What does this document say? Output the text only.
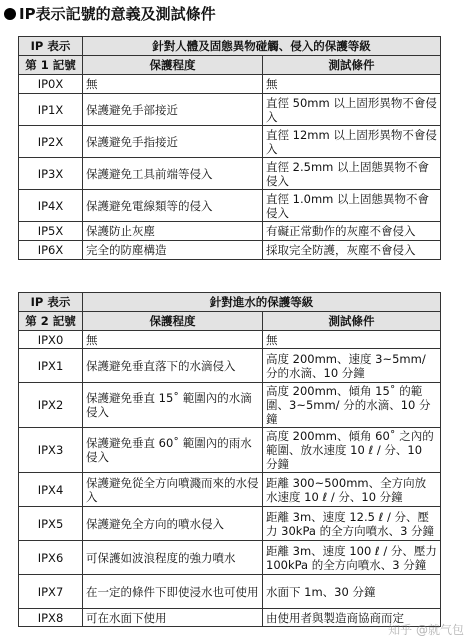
IP表示記號的意義及測試條件
IP 表示	針對人體及固態異物碰觸、侵入的保護等級	
第 1 記號	保護程度	測試條件
IP0X	無	無
IP1X	保護避免手部接近	直徑 50mm 以上固形異物不會侵入
IP2X	保護避免手指接近	直徑 12mm 以上固形異物不會侵入
IP3X	保護避免工具前端等侵入	直徑 2.5mm 以上固態異物不會侵入
IP4X	保護避免電線類等的侵入	直徑 1.0mm 以上固態異物不會侵入
IP5X	保護防止灰塵	有礙正常動作的灰塵不會侵入
IP6X	完全的防塵構造	採取完全防護，灰塵不會侵入
IP 表示	針對進水的保護等級	
第 2 記號	保護程度	測試條件
IPX0	無	無
IPX1	保護避免垂直落下的水滴侵入	高度 200mm、速度 3~5mm/ 分的水滴、10 分鐘
IPX2	保護避免垂直 15˚ 範圍內的水滴侵入	高度 200mm、傾角 15˚ 的範圍、3~5mm/ 分的水滴、10 分鐘
IPX3	保護避免垂直 60˚ 範圍內的雨水侵入	高度 200mm、傾角 60˚ 之內的範圍、放水速度 10 ℓ / 分、10 分鐘
IPX4	保護避免從全方向噴濺而來的水侵入	距離 300~500mm、全方向放水速度 10 ℓ / 分、10 分鐘
IPX5	保護避免全方向的噴水侵入	距離 3m、速度 12.5 ℓ / 分、壓力 30kPa 的全方向噴水、3 分鐘
IPX6	可保護如波浪程度的強力噴水	距離 3m、速度 100 ℓ / 分、壓力 100kPa 的全方向噴水、3 分鐘
IPX7	在一定的條件下即使浸水也可使用	水面下 1m、30 分鐘
IPX8	可在水面下使用	由使用者與製造商協商而定
知乎 @就气包
